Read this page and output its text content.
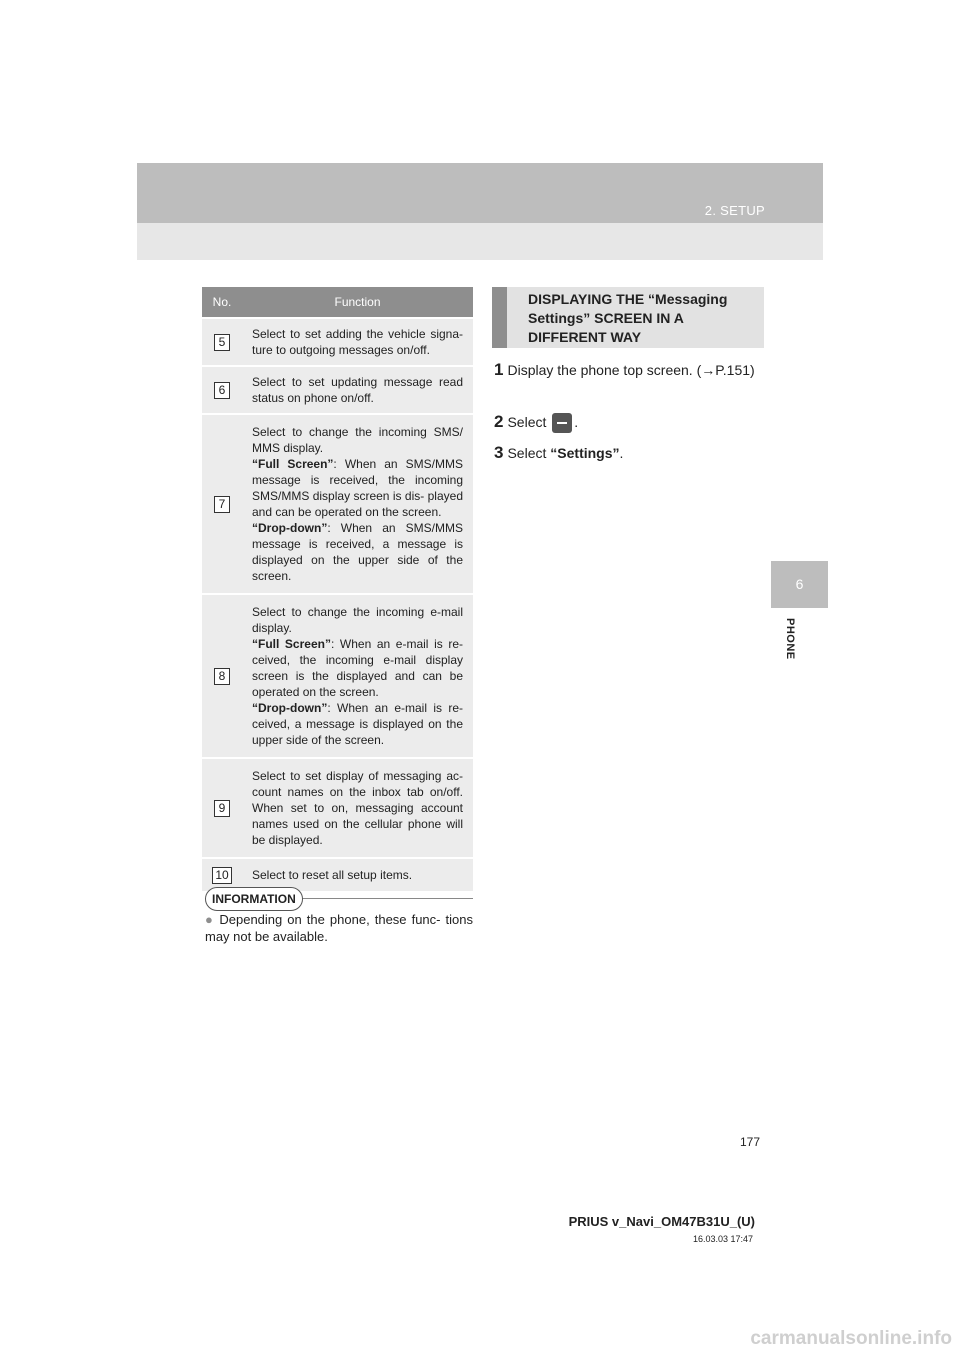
2. SETUP
6
PHONE
No.	Function
5	Select to set adding the vehicle signa- ture to outgoing messages on/off.
6	Select to set updating message read status on phone on/off.
7	Select to change the incoming SMS/ MMS display.
“Full Screen”: When an SMS/MMS message is received, the incoming SMS/MMS display screen is dis- played and can be operated on the screen.
“Drop-down”: When an SMS/MMS message is received, a message is displayed on the upper side of the screen.
8	Select to change the incoming e-mail display.
“Full Screen”: When an e-mail is re- ceived, the incoming e-mail display screen is the displayed and can be operated on the screen.
“Drop-down”: When an e-mail is re- ceived, a message is displayed on the upper side of the screen.
9	Select to set display of messaging ac- count names on the inbox tab on/off. When set to on, messaging account names used on the cellular phone will be displayed.
10	Select to reset all setup items.
INFORMATION
● Depending on the phone, these func- tions may not be available.
DISPLAYING THE “Messaging Settings” SCREEN IN A DIFFERENT WAY
1 Display the phone top screen. (→P.151)
2 Select .
3 Select “Settings”.
177
PRIUS v_Navi_OM47B31U_(U)
16.03.03 17:47
carmanualsonline.info
